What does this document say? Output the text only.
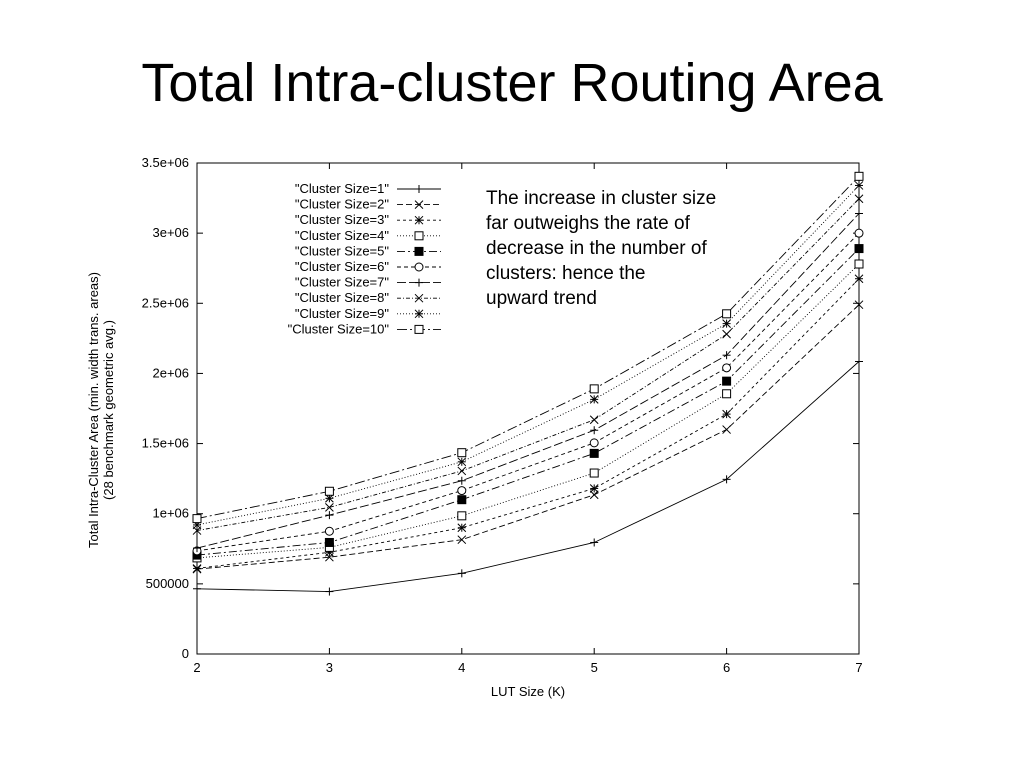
Total Intra-cluster Routing Area
0
500000
1e+06
1.5e+06
2e+06
2.5e+06
3e+06
3.5e+06
2	3	4	5	6	7
LUT Size (K)
Total Intra-Cluster Area (min. width trans. areas) (28 benchmark geometric avg.)
"Cluster Size=1"
"Cluster Size=2"
"Cluster Size=3"
"Cluster Size=4"
"Cluster Size=5"
"Cluster Size=6"
"Cluster Size=7"
"Cluster Size=8"
"Cluster Size=9"
"Cluster Size=10"
The increase in cluster size
far outweighs the rate of
decrease in the number of
clusters: hence the
upward trend
